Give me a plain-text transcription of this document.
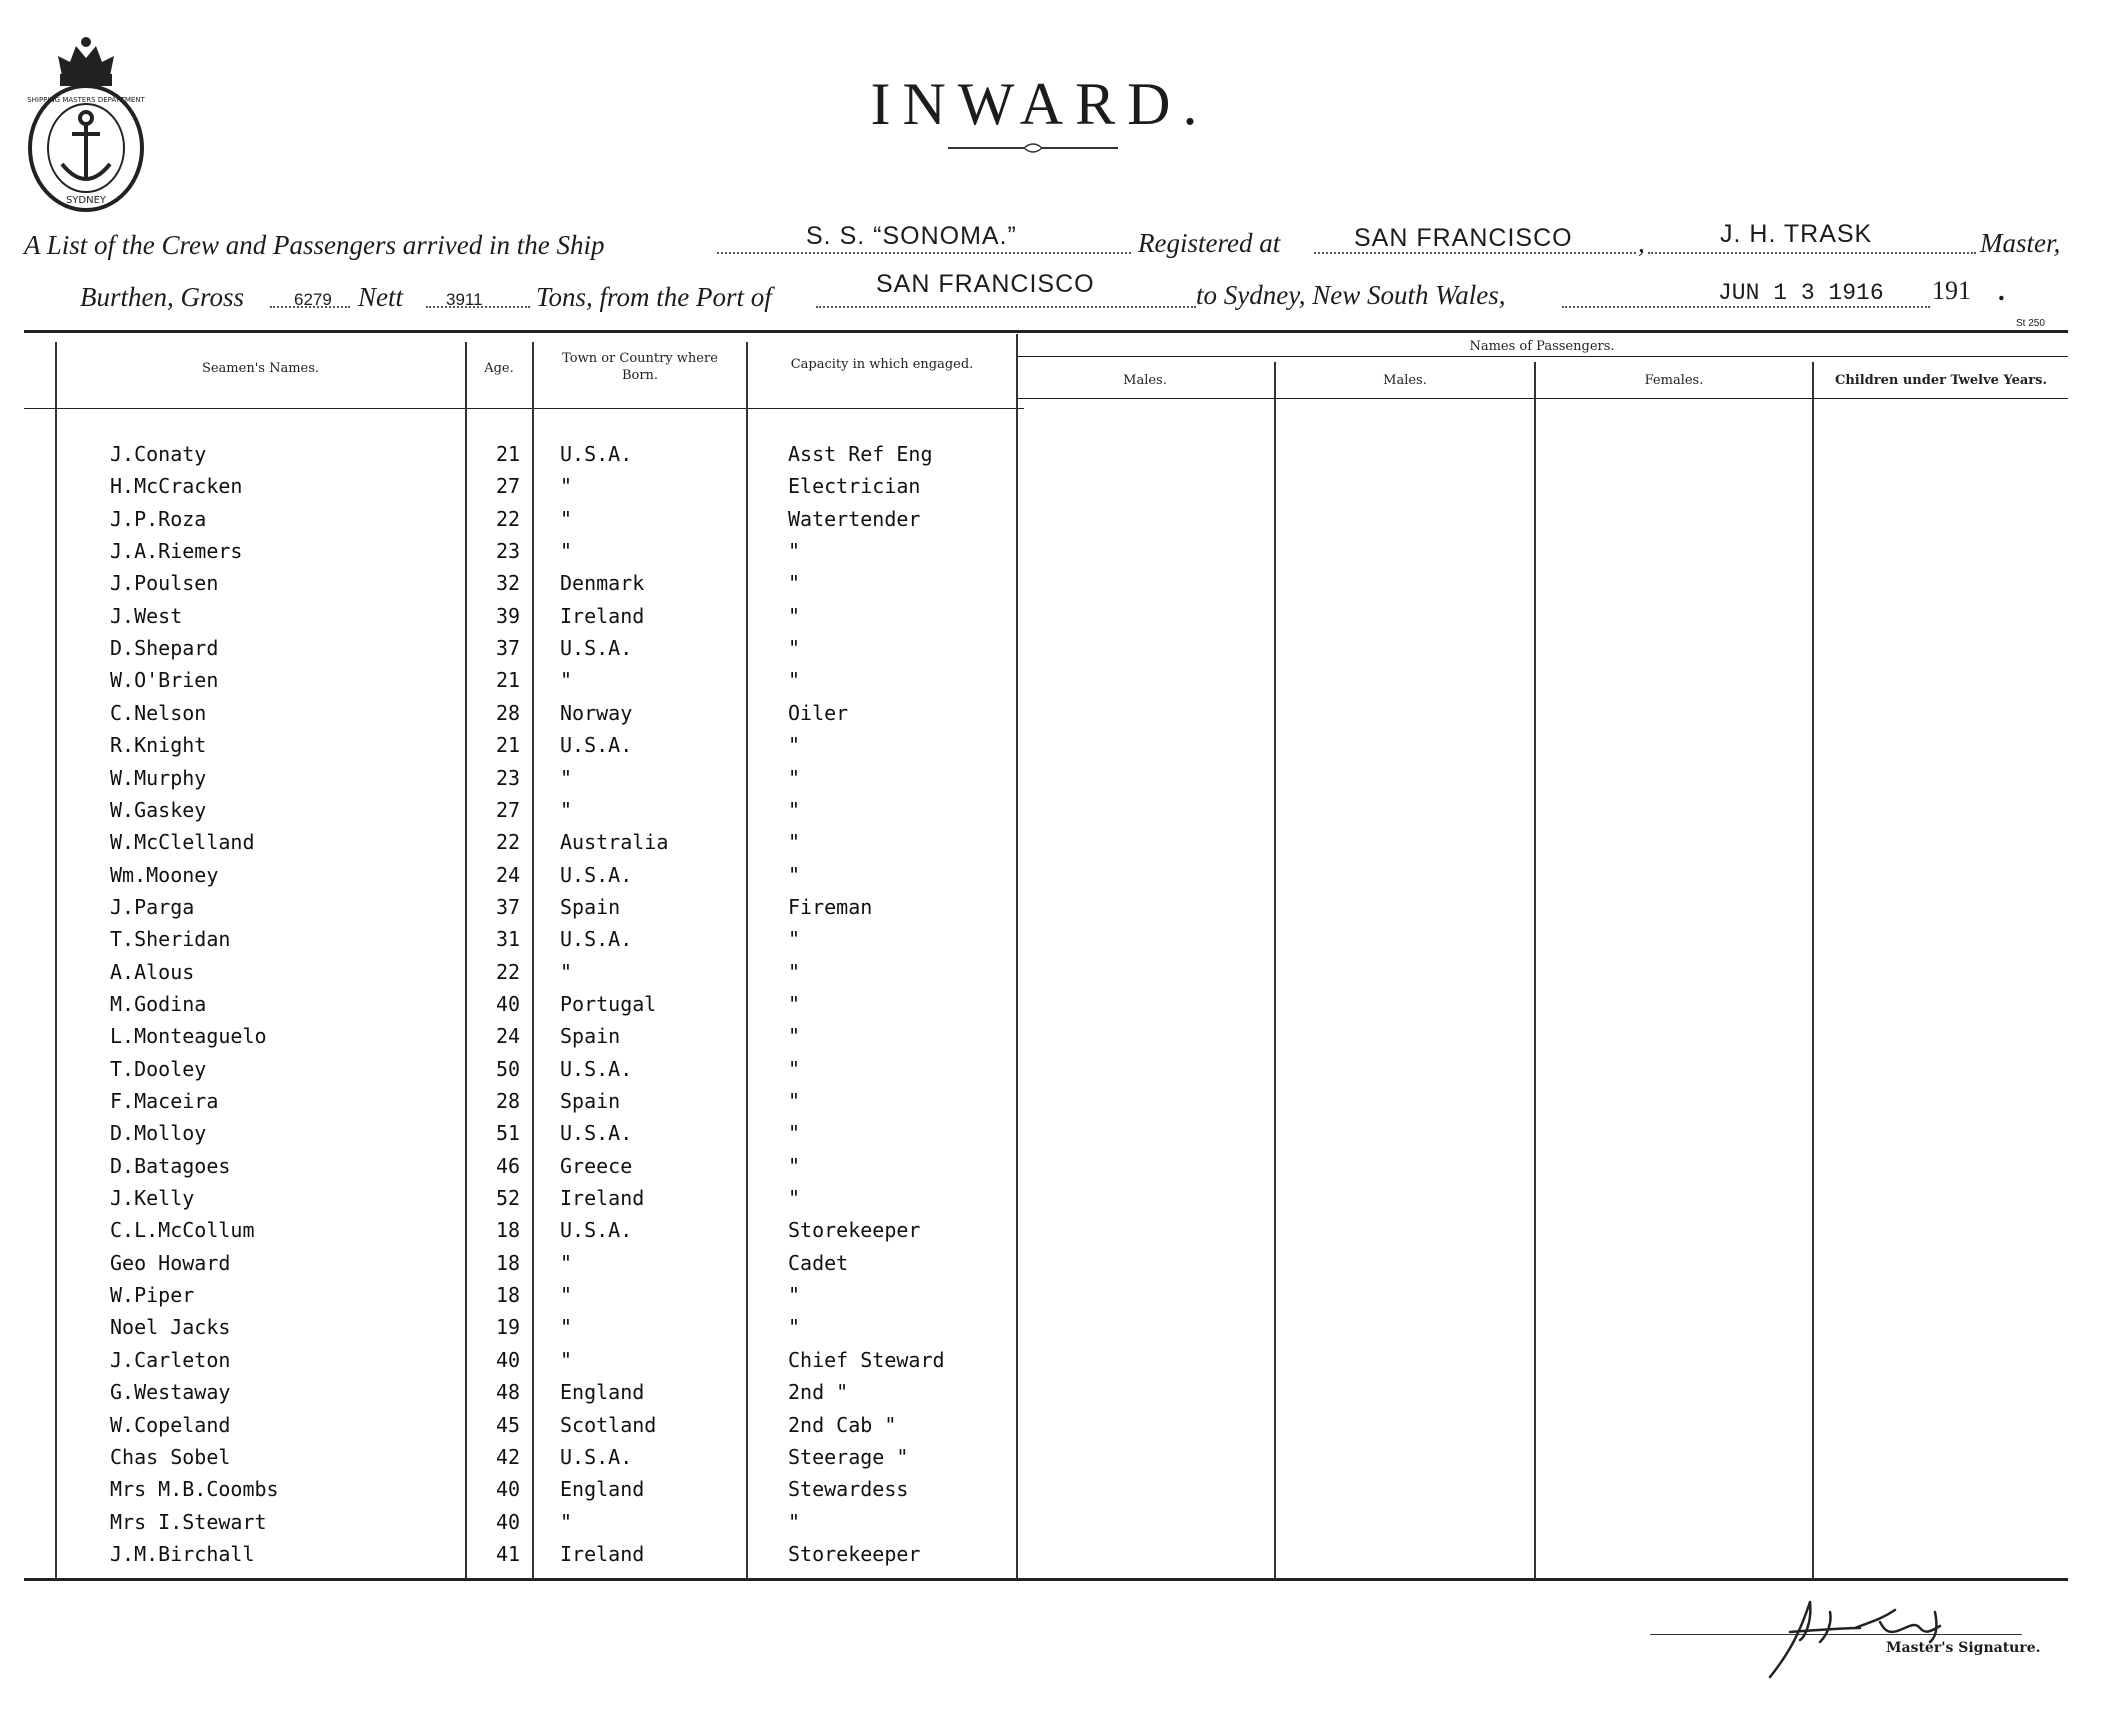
SYDNEY
SHIPPING MASTERS DEPARTMENT	INWARD.
A List of the Crew and Passengers arrived in the Ship	S. S. “SONOMA.”	Registered at	SAN FRANCISCO ,	J. H. TRASK	Master,
Burthen, Gross	6279 Nett	3911 Tons, from the Port of	SAN FRANCISCO	to Sydney, New South Wales,	JUN 1 3 1916 191 .
St 250
Seamen's Names.	Age.
Town or Country where Born.
Capacity in which engaged.
Names of Passengers.
Males.	Males.	Females.	Children under Twelve Years.
J.Conaty	21 U.S.A.	Asst Ref Eng
H.McCracken	27 "	Electrician
J.P.Roza	22 "	Watertender
J.A.Riemers	23 "	"
J.Poulsen	32 Denmark	"
J.West	39 Ireland	"
D.Shepard	37 U.S.A.	"
W.O'Brien	21 "	"
C.Nelson	28 Norway	Oiler
R.Knight	21 U.S.A.	"
W.Murphy	23 "	"
W.Gaskey	27 "	"
W.McClelland	22 Australia	"
Wm.Mooney	24 U.S.A.	"
J.Parga	37 Spain	Fireman
T.Sheridan	31 U.S.A.	"
A.Alous	22 "	"
M.Godina	40 Portugal	"
L.Monteaguelo	24 Spain	"
T.Dooley	50 U.S.A.	"
F.Maceira	28 Spain	"
D.Molloy	51 U.S.A.	"
D.Batagoes	46 Greece	"
J.Kelly	52 Ireland	"
C.L.McCollum	18 U.S.A.	Storekeeper
Geo Howard	18 "	Cadet
W.Piper	18 "	"
Noel Jacks	19 "	"
J.Carleton	40 "	Chief Steward
G.Westaway	48 England	2nd "
W.Copeland	45 Scotland	2nd Cab "
Chas Sobel	42 U.S.A.	Steerage "
Mrs M.B.Coombs	40 England	Stewardess
Mrs I.Stewart	40 "	"
J.M.Birchall	41 Ireland	Storekeeper
Master's Signature.
